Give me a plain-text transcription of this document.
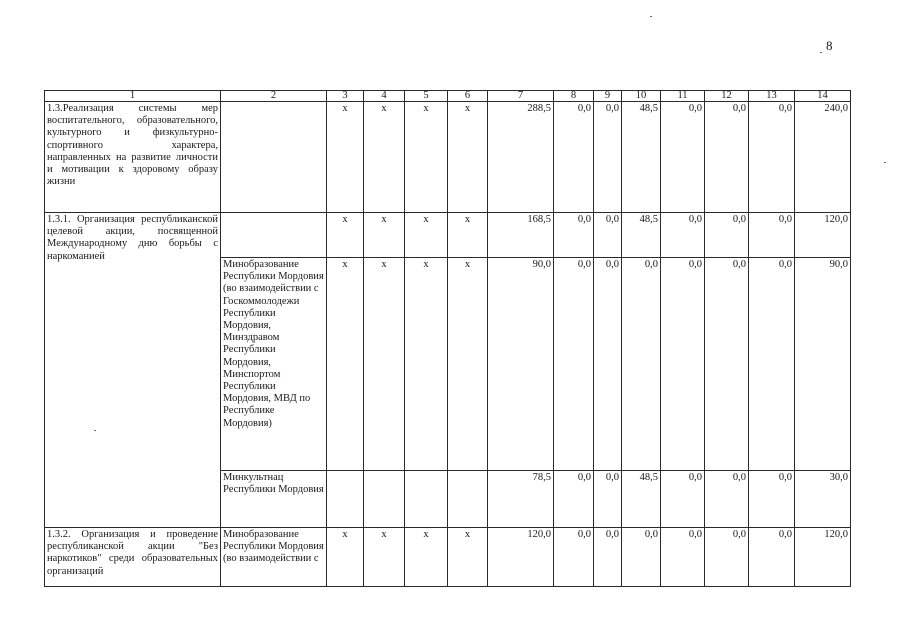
8
1	2	3	4	5	6	7	8	9	10	11	12	13	14
1.3.Реализация системы мер воспитательного, образовательного, культурного и физкультурно-спортивного характера, направленных на развитие личности и мотивации к здоровому образу жизни		х	х	х	х	288,5	0,0	0,0	48,5	0,0	0,0	0,0	240,0
1.3.1. Организация республиканской целевой акции, посвященной Международному дню борьбы с наркоманией		х	х	х	х	168,5	0,0	0,0	48,5	0,0	0,0	0,0	120,0
	Минобразование Республики Мордовия (во взаимодействии с Госкоммолодежи Республики Мордовия, Минздравом Республики Мордовия, Минспортом Республики Мордовия, МВД по Республике Мордовия)	х	х	х	х	90,0	0,0	0,0	0,0	0,0	0,0	0,0	90,0
	Минкультнац Республики Мордовия					78,5	0,0	0,0	48,5	0,0	0,0	0,0	30,0
1.3.2. Организация и проведение республиканской акции "Без наркотиков" среди образовательных организаций	Минобразование Республики Мордовия (во взаимодействии с	х	х	х	х	120,0	0,0	0,0	0,0	0,0	0,0	0,0	120,0
